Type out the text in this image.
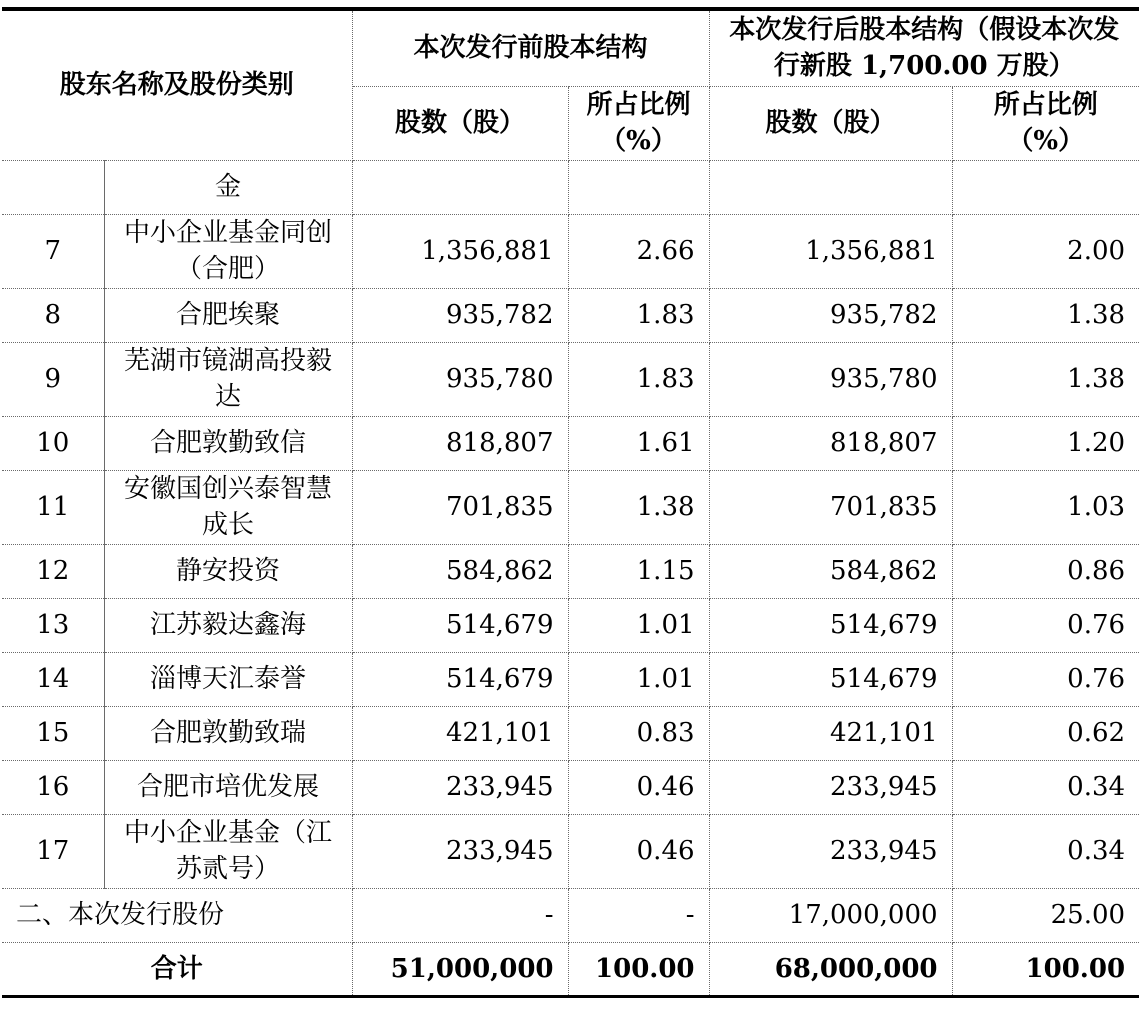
股东名称及股份类别		本次发行前股本结构		本次发行后股本结构（假设本次发行新股 1,700.00 万股）	
		股数（股）	所占比例（%）	股数（股）	所占比例（%）
	金				
7	中小企业基金同创（合肥）	1,356,881	2.66	1,356,881	2.00
8	合肥埃聚	935,782	1.83	935,782	1.38
9	芜湖市镜湖高投毅达	935,780	1.83	935,780	1.38
10	合肥敦勤致信	818,807	1.61	818,807	1.20
11	安徽国创兴泰智慧成长	701,835	1.38	701,835	1.03
12	静安投资	584,862	1.15	584,862	0.86
13	江苏毅达鑫海	514,679	1.01	514,679	0.76
14	淄博天汇泰誉	514,679	1.01	514,679	0.76
15	合肥敦勤致瑞	421,101	0.83	421,101	0.62
16	合肥市培优发展	233,945	0.46	233,945	0.34
17	中小企业基金（江苏贰号）	233,945	0.46	233,945	0.34
二、本次发行股份		-	-	17,000,000	25.00
合计		51,000,000	100.00	68,000,000	100.00
